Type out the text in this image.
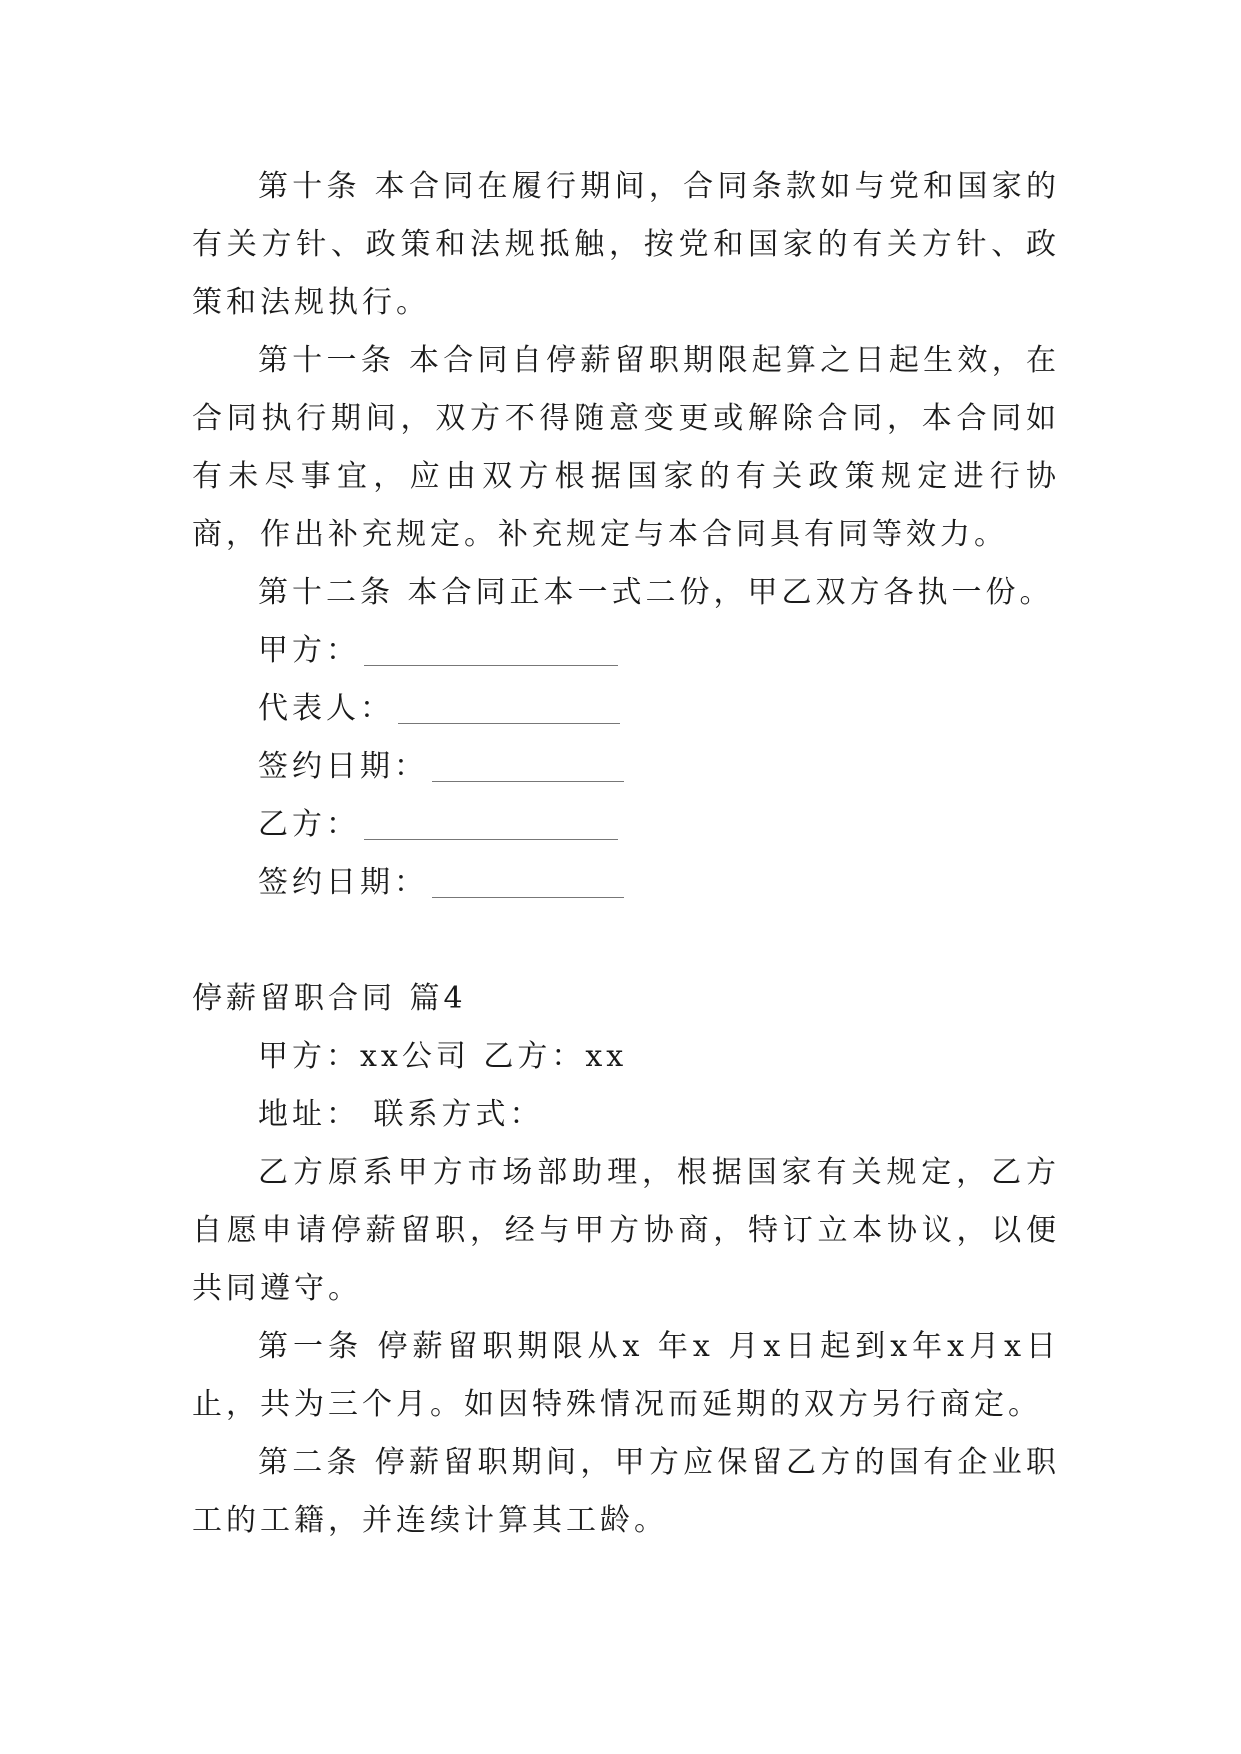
第十条 本合同在履行期间，合同条款如与党和国家的有关方针、政策和法规抵触，按党和国家的有关方针、政策和法规执行。

第十一条 本合同自停薪留职期限起算之日起生效，在合同执行期间，双方不得随意变更或解除合同，本合同如有未尽事宜，应由双方根据国家的有关政策规定进行协商，作出补充规定。补充规定与本合同具有同等效力。

第十二条 本合同正本一式二份，甲乙双方各执一份。

甲方：

代表人：

签约日期：

乙方：

签约日期：

停薪留职合同 篇4

甲方：xx公司 乙方：xx

地址： 联系方式：

乙方原系甲方市场部助理，根据国家有关规定，乙方自愿申请停薪留职，经与甲方协商，特订立本协议，以便共同遵守。

第一条 停薪留职期限从x 年x 月x日起到x年x月x日止，共为三个月。如因特殊情况而延期的双方另行商定。

第二条 停薪留职期间，甲方应保留乙方的国有企业职工的工籍，并连续计算其工龄。
